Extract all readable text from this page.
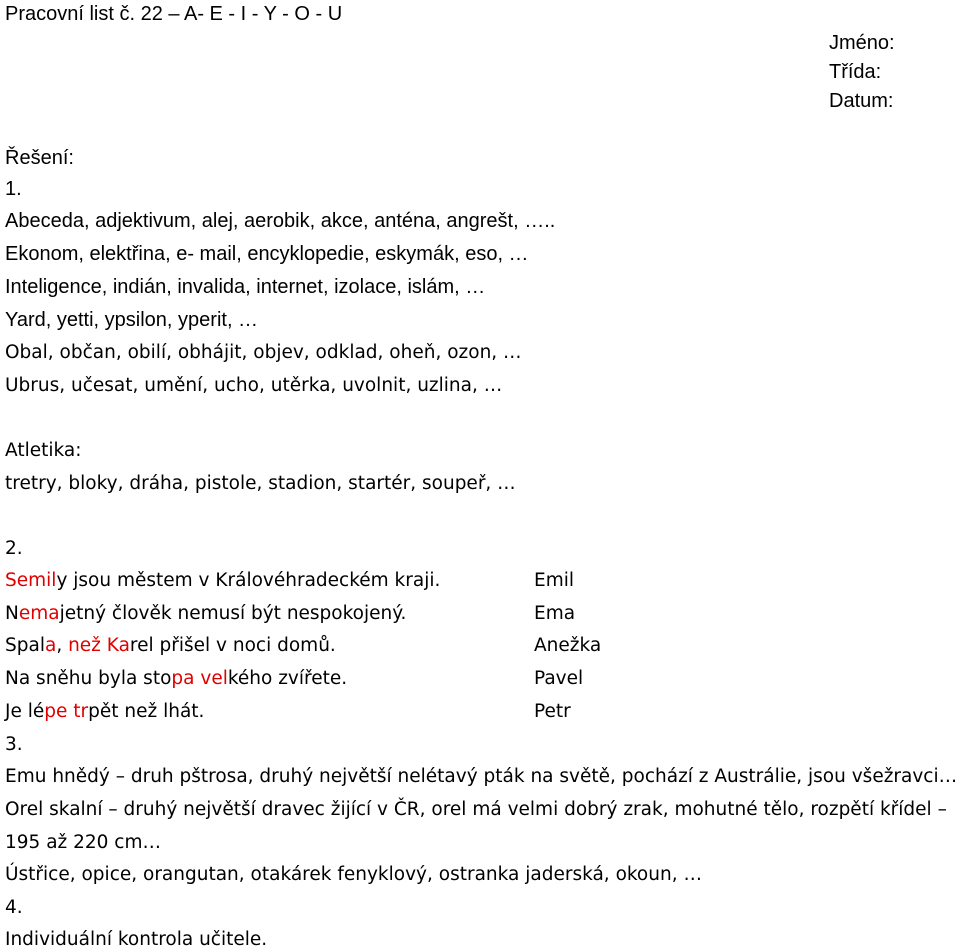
Pracovní list č. 22 – A- E - I - Y - O - U
Jméno:
Třída:
Datum:
Řešení:
1.
Abeceda, adjektivum, alej, aerobik, akce, anténa, angrešt, …..
Ekonom, elektřina, e- mail, encyklopedie, eskymák, eso, …
Inteligence, indián, invalida, internet, izolace, islám, …
Yard, yetti, ypsilon, yperit, …
Obal, občan, obilí, obhájit, objev, odklad, oheň, ozon, …
Ubrus, učesat, umění, ucho, utěrka, uvolnit, uzlina, …
Atletika:
tretry, bloky, dráha, pistole, stadion, startér, soupeř, …
2.
Semily jsou městem v Královéhradeckém kraji.
Nemajetný člověk nemusí být nespokojený.
Spala, než Karel přišel v noci domů.
Na sněhu byla stopa velkého zvířete.
Je lépe trpět než lhát.
Emil
Ema
Anežka
Pavel
Petr
3.
Emu hnědý – druh pštrosa, druhý největší nelétavý pták na světě, pochází z Austrálie, jsou všežravci…
Orel skalní – druhý největší dravec žijící v ČR, orel má velmi dobrý zrak, mohutné tělo, rozpětí křídel –
195 až 220 cm…
Ústřice, opice, orangutan, otakárek fenyklový, ostranka jaderská, okoun, …
4.
Individuální kontrola učitele.
